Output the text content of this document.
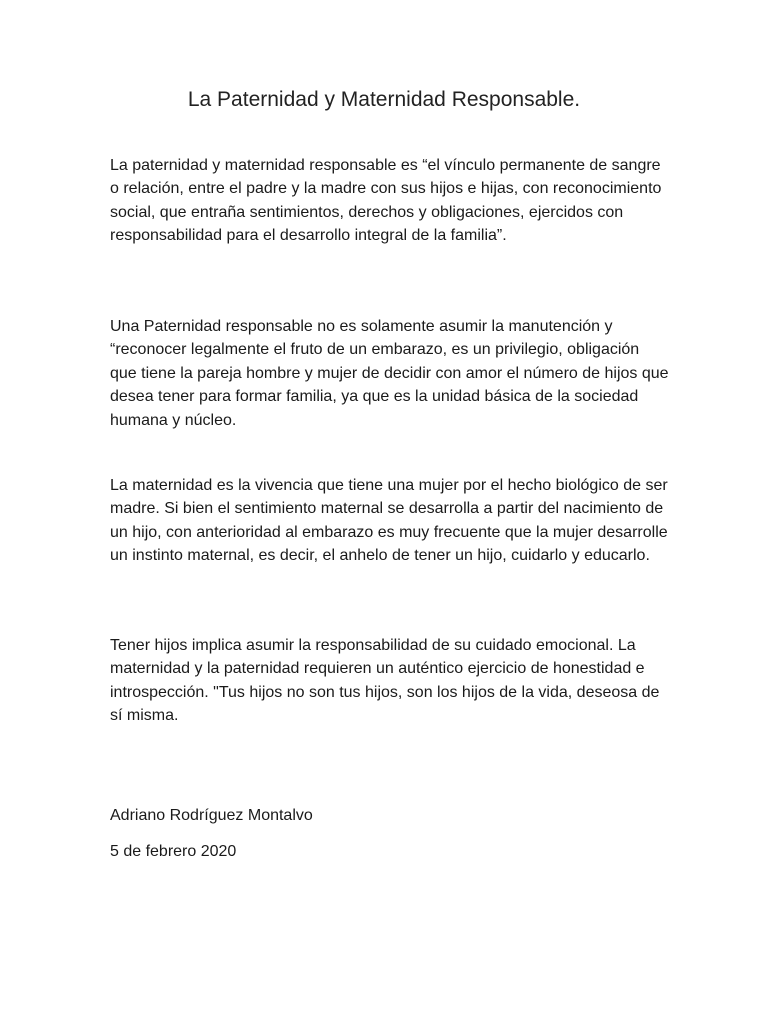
La Paternidad y Maternidad Responsable.

La paternidad y maternidad responsable es “el vínculo permanente de sangre o relación, entre el padre y la madre con sus hijos e hijas, con reconocimiento social, que entraña sentimientos, derechos y obligaciones, ejercidos con responsabilidad para el desarrollo integral de la familia”.

Una Paternidad responsable no es solamente asumir la manutención y “reconocer legalmente el fruto de un embarazo, es un privilegio, obligación que tiene la pareja hombre y mujer de decidir con amor el número de hijos que desea tener para formar familia, ya que es la unidad básica de la sociedad humana y núcleo.

La maternidad es la vivencia que tiene una mujer por el hecho biológico de ser madre. Si bien el sentimiento maternal se desarrolla a partir del nacimiento de un hijo, con anterioridad al embarazo es muy frecuente que la mujer desarrolle un instinto maternal, es decir, el anhelo de tener un hijo, cuidarlo y educarlo.

Tener hijos implica asumir la responsabilidad de su cuidado emocional. La maternidad y la paternidad requieren un auténtico ejercicio de honestidad e introspección. "Tus hijos no son tus hijos, son los hijos de la vida, deseosa de sí misma.

Adriano Rodríguez Montalvo

5 de febrero 2020
